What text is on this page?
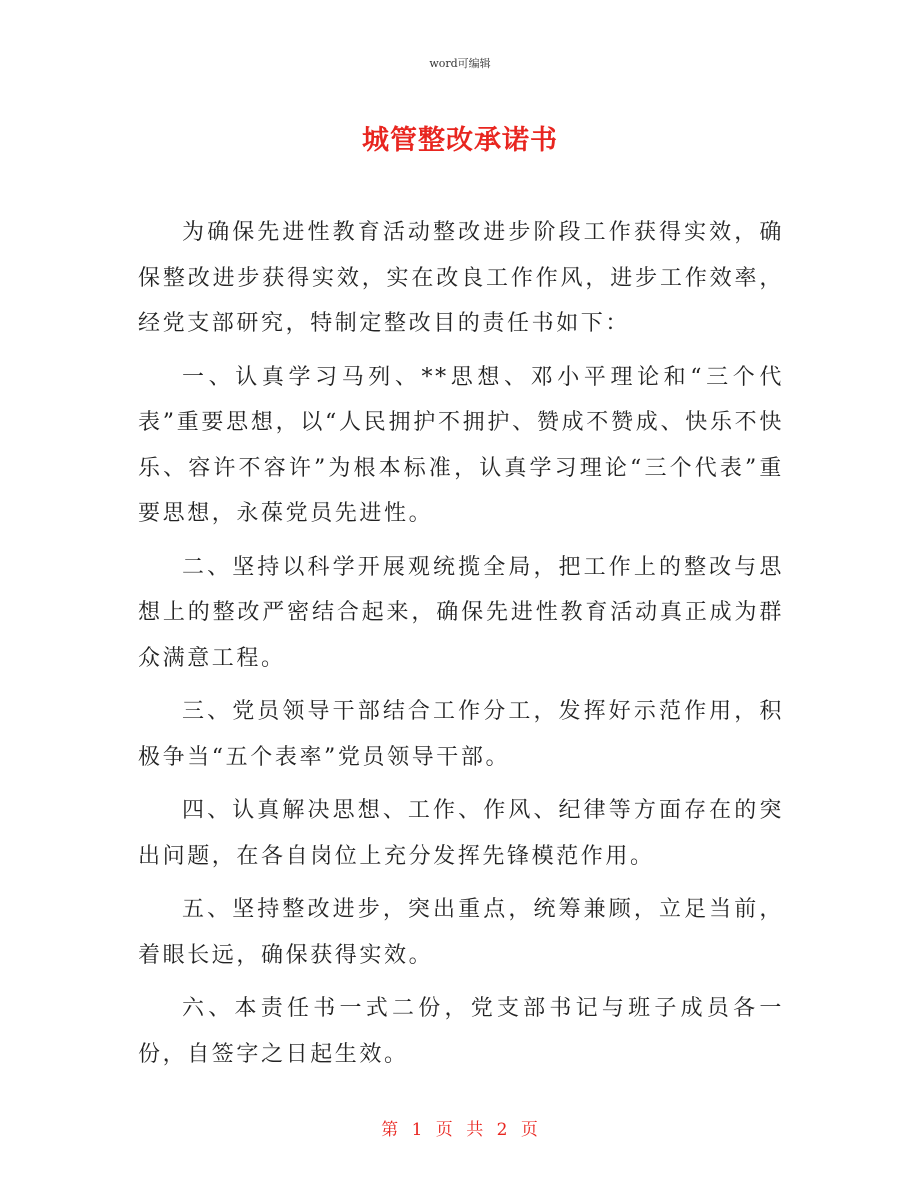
word可编辑
城管整改承诺书

为确保先进性教育活动整改进步阶段工作获得实效，确保整改进步获得实效，实在改良工作作风，进步工作效率，经党支部研究，特制定整改目的责任书如下：

一、认真学习马列、**思想、邓小平理论和“三个代表”重要思想，以“人民拥护不拥护、赞成不赞成、快乐不快乐、容许不容许”为根本标准，认真学习理论“三个代表”重要思想，永葆党员先进性。

二、坚持以科学开展观统揽全局，把工作上的整改与思想上的整改严密结合起来，确保先进性教育活动真正成为群众满意工程。

三、党员领导干部结合工作分工，发挥好示范作用，积极争当“五个表率”党员领导干部。

四、认真解决思想、工作、作风、纪律等方面存在的突出问题，在各自岗位上充分发挥先锋模范作用。

五、坚持整改进步，突出重点，统筹兼顾，立足当前，着眼长远，确保获得实效。

六、本责任书一式二份，党支部书记与班子成员各一份，自签字之日起生效。

第 1 页 共 2 页
